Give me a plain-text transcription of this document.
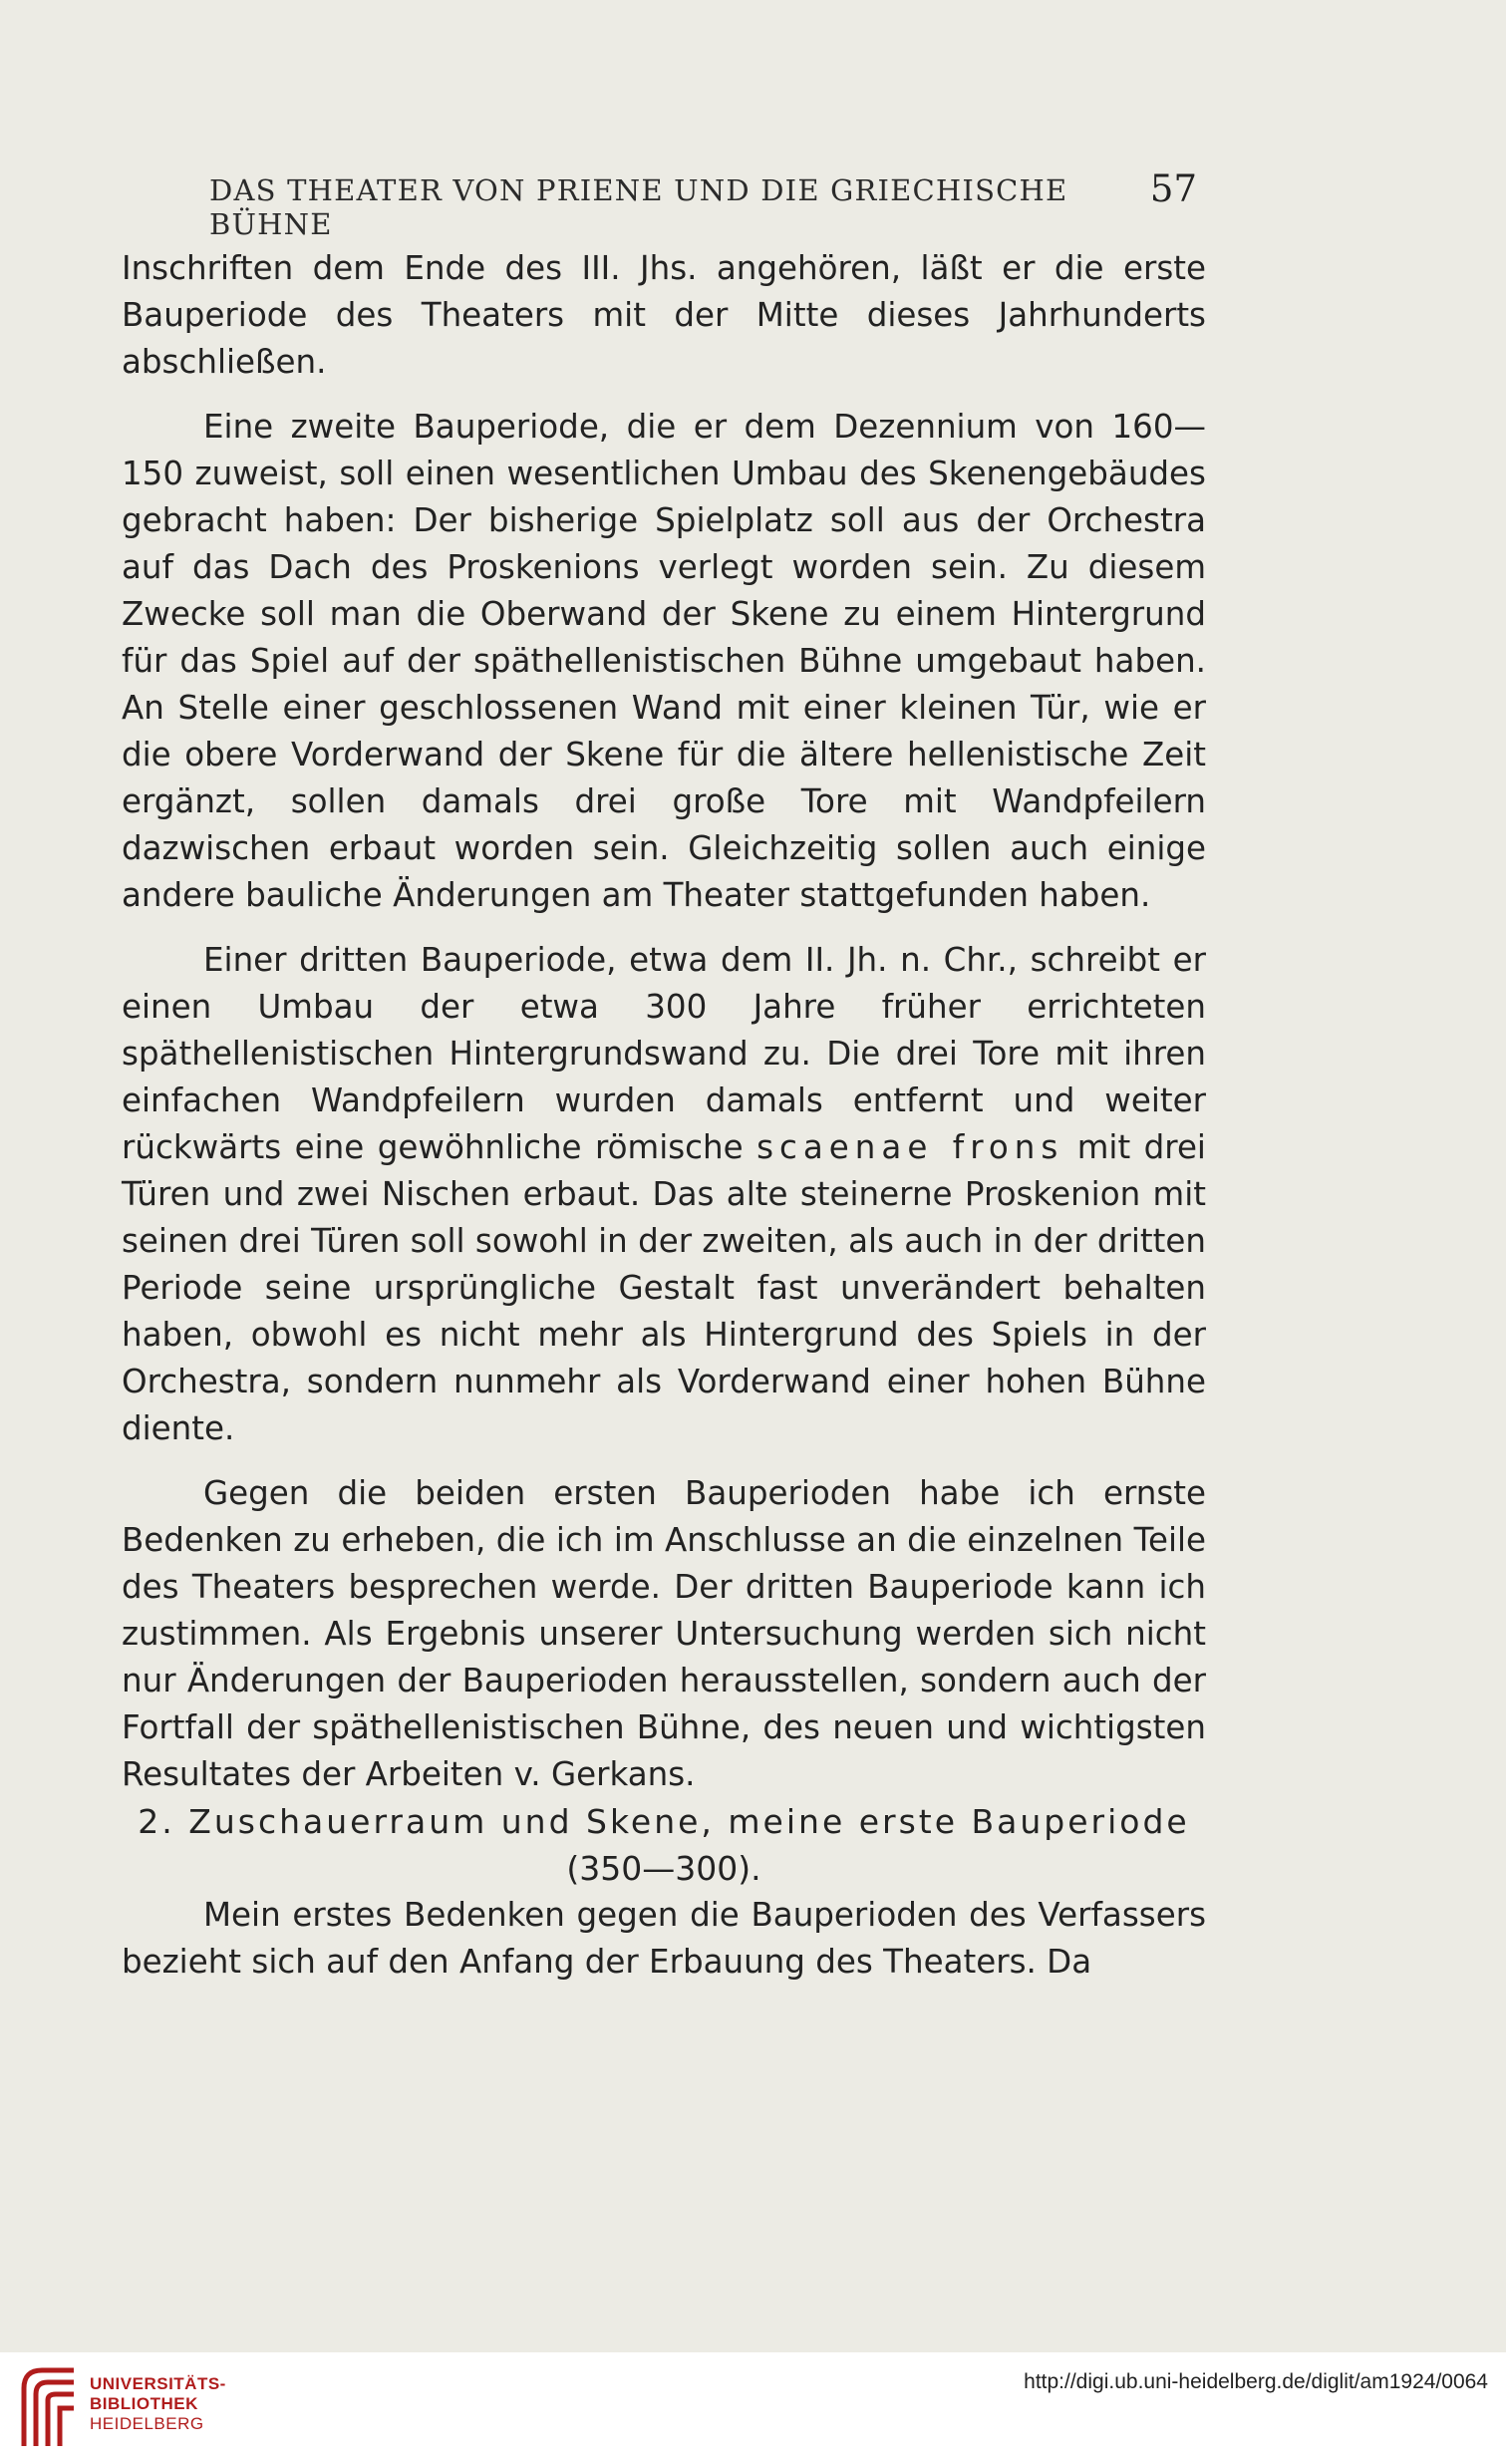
DAS THEATER VON PRIENE UND DIE GRIECHISCHE BÜHNE
57

Inschriften dem Ende des III. Jhs. angehören, läßt er die erste Bauperiode des Theaters mit der Mitte dieses Jahrhunderts abschließen.

Eine zweite Bauperiode, die er dem Dezennium von 160—150 zuweist, soll einen wesentlichen Umbau des Skenengebäudes gebracht haben: Der bisherige Spielplatz soll aus der Orchestra auf das Dach des Proskenions verlegt worden sein. Zu diesem Zwecke soll man die Oberwand der Skene zu einem Hintergrund für das Spiel auf der späthellenistischen Bühne umgebaut haben. An Stelle einer geschlossenen Wand mit einer kleinen Tür, wie er die obere Vorderwand der Skene für die ältere hellenistische Zeit ergänzt, sollen damals drei große Tore mit Wandpfeilern dazwischen erbaut worden sein. Gleichzeitig sollen auch einige andere bauliche Änderungen am Theater stattgefunden haben.

Einer dritten Bauperiode, etwa dem II. Jh. n. Chr., schreibt er einen Umbau der etwa 300 Jahre früher errichteten späthellenistischen Hintergrundswand zu. Die drei Tore mit ihren einfachen Wandpfeilern wurden damals entfernt und weiter rückwärts eine gewöhnliche römische scaenae frons mit drei Türen und zwei Nischen erbaut. Das alte steinerne Proskenion mit seinen drei Türen soll sowohl in der zweiten, als auch in der dritten Periode seine ursprüngliche Gestalt fast unverändert behalten haben, obwohl es nicht mehr als Hintergrund des Spiels in der Orchestra, sondern nunmehr als Vorderwand einer hohen Bühne diente.

Gegen die beiden ersten Bauperioden habe ich ernste Bedenken zu erheben, die ich im Anschlusse an die einzelnen Teile des Theaters besprechen werde. Der dritten Bauperiode kann ich zustimmen. Als Ergebnis unserer Untersuchung werden sich nicht nur Änderungen der Bauperioden herausstellen, sondern auch der Fortfall der späthellenistischen Bühne, des neuen und wichtigsten Resultates der Arbeiten v. Gerkans.

2. Zuschauerraum und Skene, meine erste Bauperiode

(350—300).

Mein erstes Bedenken gegen die Bauperioden des Verfassers bezieht sich auf den Anfang der Erbauung des Theaters. Da

UNIVERSITÄTS-
BIBLIOTHEK
HEIDELBERG
http://digi.ub.uni-heidelberg.de/diglit/am1924/0064
